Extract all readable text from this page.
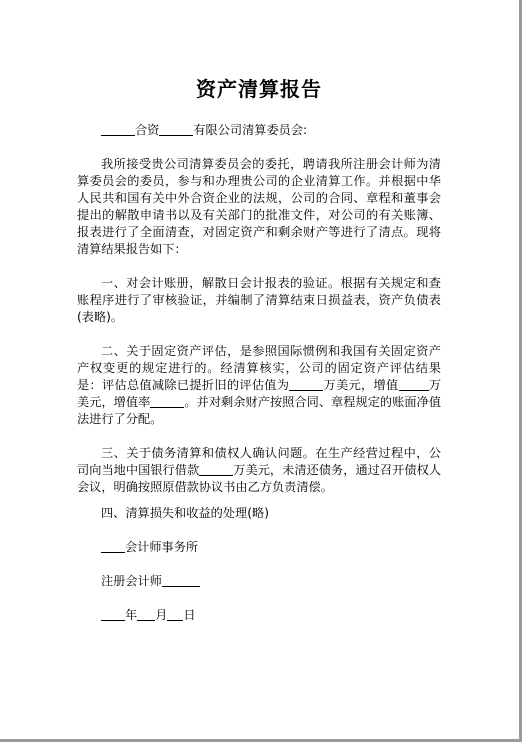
资产清算报告

合资	有限公司清算委员会:

我所接受贵公司清算委员会的委托，聘请我所注册会计师为清算委员会的委员，参与和办理贵公司的企业清算工作。并根据中华人民共和国有关中外合资企业的法规，公司的合同、章程和董事会提出的解散申请书以及有关部门的批准文件，对公司的有关账簿、报表进行了全面清查，对固定资产和剩余财产等进行了清点。现将清算结果报告如下：

一、对会计账册，解散日会计报表的验证。根据有关规定和查账程序进行了审核验证，并编制了清算结束日损益表，资产负债表(表略)。

二、关于固定资产评估，是参照国际惯例和我国有关固定资产产权变更的规定进行的。经清算核实，公司的固定资产评估结果是：评估总值减除已提折旧的评估值为	万美元，增值 万美元，增值率	。并对剩余财产按照合同、章程规定的账面净值法进行了分配。

三、关于债务清算和债权人确认问题。在生产经营过程中，公司向当地中国银行借款	万美元，未清还债务，通过召开债权人会议，明确按照原借款协议书由乙方负责清偿。

四、清算损失和收益的处理(略)

会计师事务所

注册会计师

年 月 日
